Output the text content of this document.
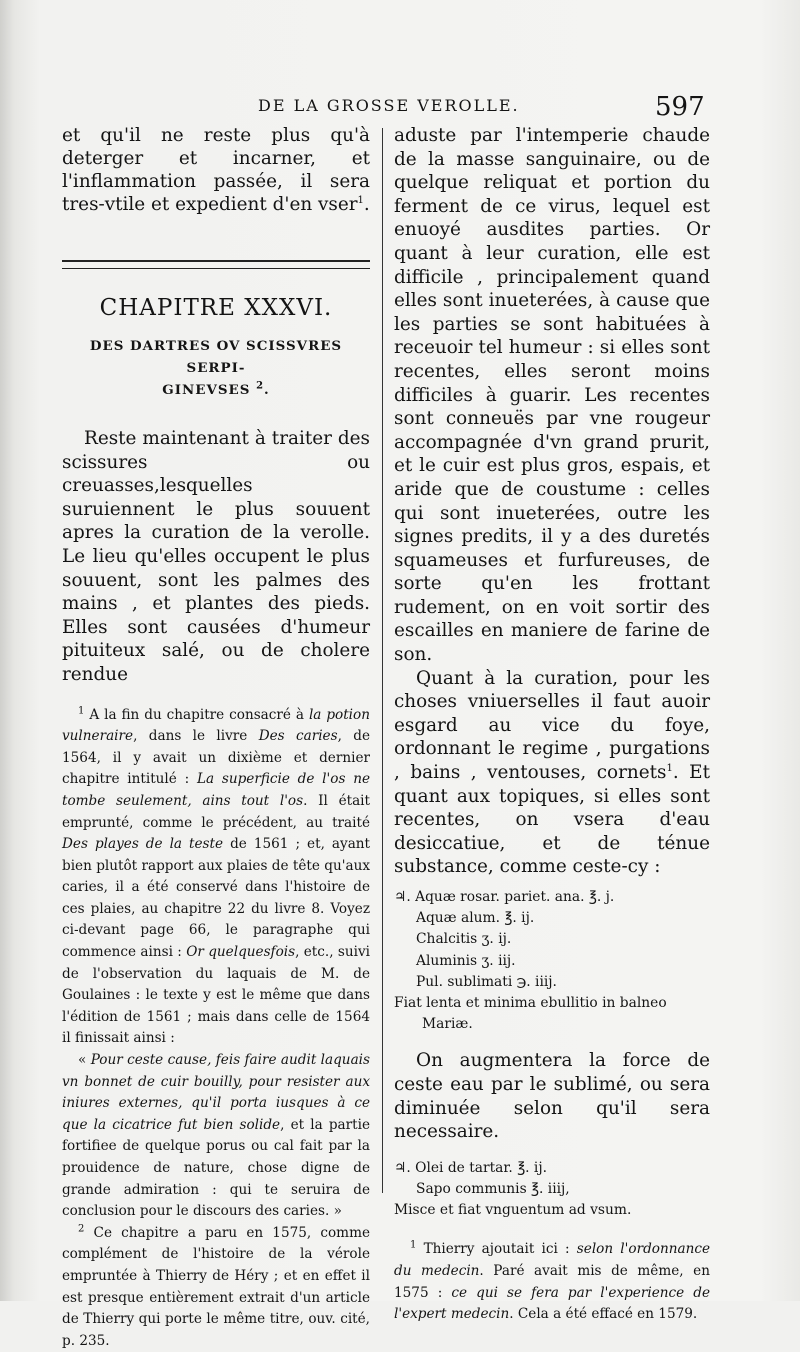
DE LA GROSSE VEROLLE.	597

et qu'il ne reste plus qu'à deterger et incarner, et l'inflammation passée, il sera tres-vtile et expedient d'en vser$^1$.

CHAPITRE XXXVI.
DES DARTRES OV SCISSVRES SERPI-
GINEVSES $^2$.

Reste maintenant à traiter des scissures ou creuasses,lesquelles suruiennent le plus souuent apres la curation de la verolle. Le lieu qu'elles occupent le plus souuent, sont les palmes des mains , et plantes des pieds. Elles sont causées d'humeur pituiteux salé, ou de cholere rendue

$^1$ A la fin du chapitre consacré à la potion vulneraire, dans le livre Des caries, de 1564, il y avait un dixième et dernier chapitre intitulé : La superficie de l'os ne tombe seulement, ains tout l'os. Il était emprunté, comme le précédent, au traité Des playes de la teste de 1561 ; et, ayant bien plutôt rapport aux plaies de tête qu'aux caries, il a été conservé dans l'histoire de ces plaies, au chapitre 22 du livre 8. Voyez ci-devant page 66, le paragraphe qui commence ainsi : Or quelquesfois, etc., suivi de l'observation du laquais de M. de Goulaines : le texte y est le même que dans l'édition de 1561 ; mais dans celle de 1564 il finissait ainsi :

« Pour ceste cause, feis faire audit laquais vn bonnet de cuir bouilly, pour resister aux iniures externes, qu'il porta iusques à ce que la cicatrice fut bien solide, et la partie fortifiee de quelque porus ou cal fait par la prouidence de nature, chose digne de grande admiration : qui te seruira de conclusion pour le discours des caries. »

$^2$ Ce chapitre a paru en 1575, comme complément de l'histoire de la vérole empruntée à Thierry de Héry ; et en effet il est presque entièrement extrait d'un article de Thierry qui porte le même titre, ouv. cité, p. 235.

aduste par l'intemperie chaude de la masse sanguinaire, ou de quelque reliquat et portion du ferment de ce virus, lequel est enuoyé ausdites parties. Or quant à leur curation, elle est difficile , principalement quand elles sont inueterées, à cause que les parties se sont habituées à receuoir tel humeur : si elles sont recentes, elles seront moins difficiles à guarir. Les recentes sont conneuës par vne rougeur accompagnée d'vn grand prurit, et le cuir est plus gros, espais, et aride que de coustume : celles qui sont inueterées, outre les signes predits, il y a des duretés squameuses et furfureuses, de sorte qu'en les frottant rudement, on en voit sortir des escailles en maniere de farine de son.

Quant à la curation, pour les choses vniuerselles il faut auoir esgard au vice du foye, ordonnant le regime , purgations , bains , ventouses, cornets$^1$. Et quant aux topiques, si elles sont recentes, on vsera d'eau desiccatiue, et de ténue substance, comme ceste-cy :

♃. Aquæ rosar. pariet. ana. ℥. j.
Aquæ alum. ℥. ij.
Chalcitis ʒ. ij.
Aluminis ʒ. iij.
Pul. sublimati ℈. iiij.
Fiat lenta et minima ebullitio in balneo
Mariæ.

On augmentera la force de ceste eau par le sublimé, ou sera diminuée selon qu'il sera necessaire.

♃. Olei de tartar. ℥. ij.
Sapo communis ℥. iiij,
Misce et fiat vnguentum ad vsum.

$^1$ Thierry ajoutait ici : selon l'ordonnance du medecin. Paré avait mis de même, en 1575 : ce qui se fera par l'experience de l'expert medecin. Cela a été effacé en 1579.
